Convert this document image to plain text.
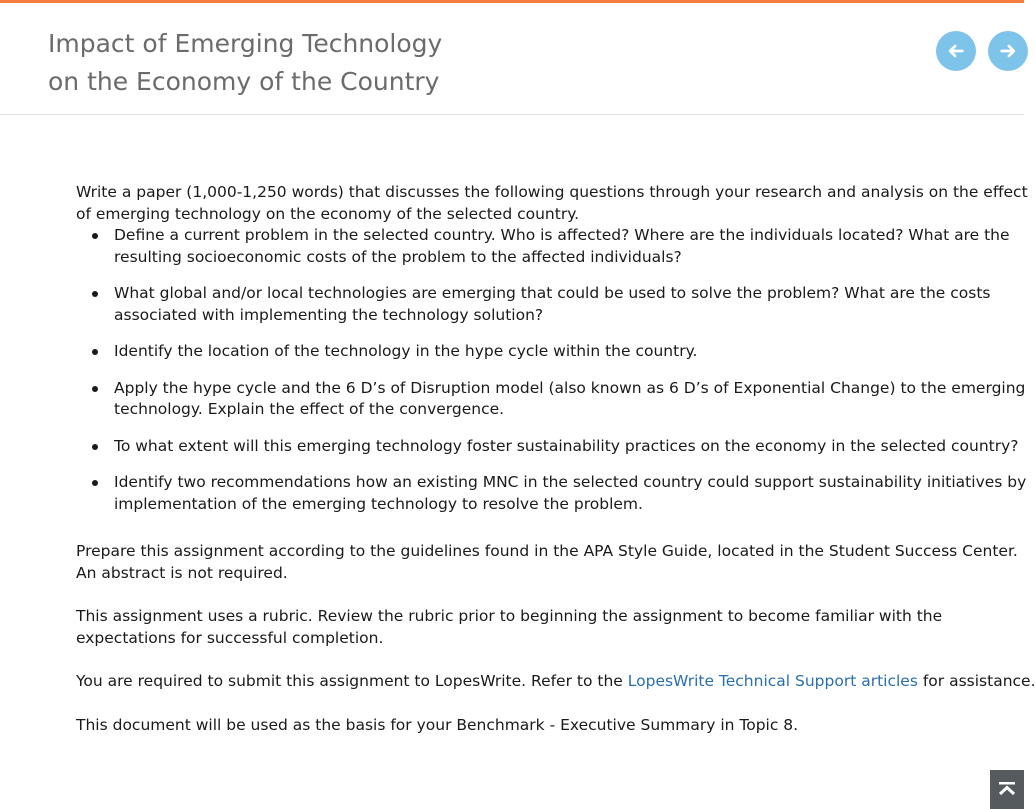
Impact of Emerging Technology
on the Economy of the Country

Write a paper (1,000-1,250 words) that discusses the following questions through your research and analysis on the effect of emerging technology on the economy of the selected country.

Define a current problem in the selected country. Who is affected? Where are the individuals located? What are the resulting socioeconomic costs of the problem to the affected individuals?
What global and/or local technologies are emerging that could be used to solve the problem? What are the costs associated with implementing the technology solution?
Identify the location of the technology in the hype cycle within the country.
Apply the hype cycle and the 6 D’s of Disruption model (also known as 6 D’s of Exponential Change) to the emerging technology. Explain the effect of the convergence.
To what extent will this emerging technology foster sustainability practices on the economy in the selected country?
Identify two recommendations how an existing MNC in the selected country could support sustainability initiatives by implementation of the emerging technology to resolve the problem.

Prepare this assignment according to the guidelines found in the APA Style Guide, located in the Student Success Center. An abstract is not required.

This assignment uses a rubric. Review the rubric prior to beginning the assignment to become familiar with the expectations for successful completion.

You are required to submit this assignment to LopesWrite. Refer to the LopesWrite Technical Support articles for assistance.

This document will be used as the basis for your Benchmark - Executive Summary in Topic 8.
